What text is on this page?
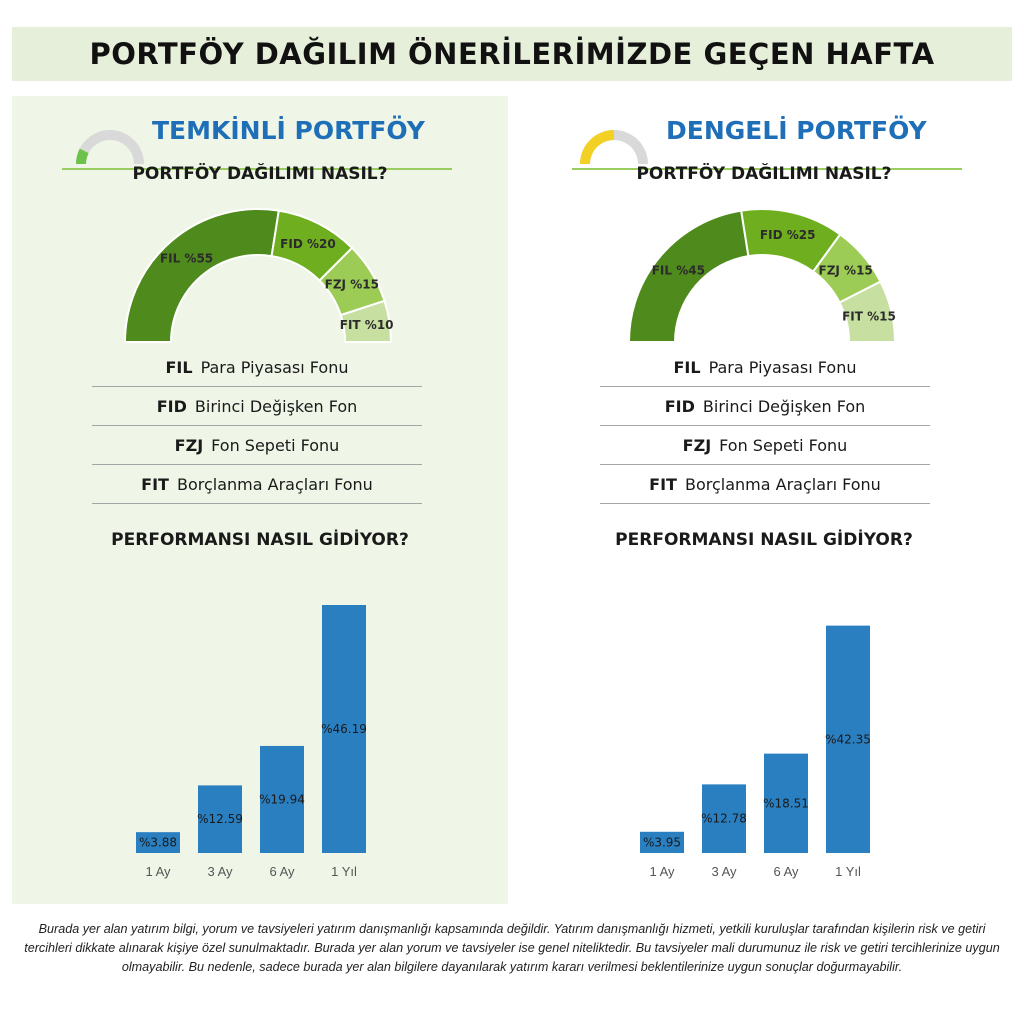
PORTFÖY DAĞILIM ÖNERİLERİMİZDE GEÇEN HAFTA
TEMKİNLİ PORTFÖY
PORTFÖY DAĞILIMI NASIL?
FIL %55
FID %20
FZJ %15
FIT %10
FIL Para Piyasası Fonu
FID Birinci Değişken Fon
FZJ Fon Sepeti Fonu
FIT Borçlanma Araçları Fonu
PERFORMANSI NASIL GİDİYOR?
%3.88
1 Ay
%12.59
3 Ay
%19.94
6 Ay
%46.19
1 Yıl
DENGELİ PORTFÖY
PORTFÖY DAĞILIMI NASIL?
FIL %45
FID %25
FZJ %15
FIT %15
FIL Para Piyasası Fonu
FID Birinci Değişken Fon
FZJ Fon Sepeti Fonu
FIT Borçlanma Araçları Fonu
PERFORMANSI NASIL GİDİYOR?
%3.95
1 Ay
%12.78
3 Ay
%18.51
6 Ay
%42.35
1 Yıl
Burada yer alan yatırım bilgi, yorum ve tavsiyeleri yatırım danışmanlığı kapsamında değildir. Yatırım danışmanlığı hizmeti, yetkili kuruluşlar tarafından kişilerin risk ve getiri tercihleri dikkate alınarak kişiye özel sunulmaktadır. Burada yer alan yorum ve tavsiyeler ise genel niteliktedir. Bu tavsiyeler mali durumunuz ile risk ve getiri tercihlerinize uygun olmayabilir. Bu nedenle, sadece burada yer alan bilgilere dayanılarak yatırım kararı verilmesi beklentilerinize uygun sonuçlar doğurmayabilir.
